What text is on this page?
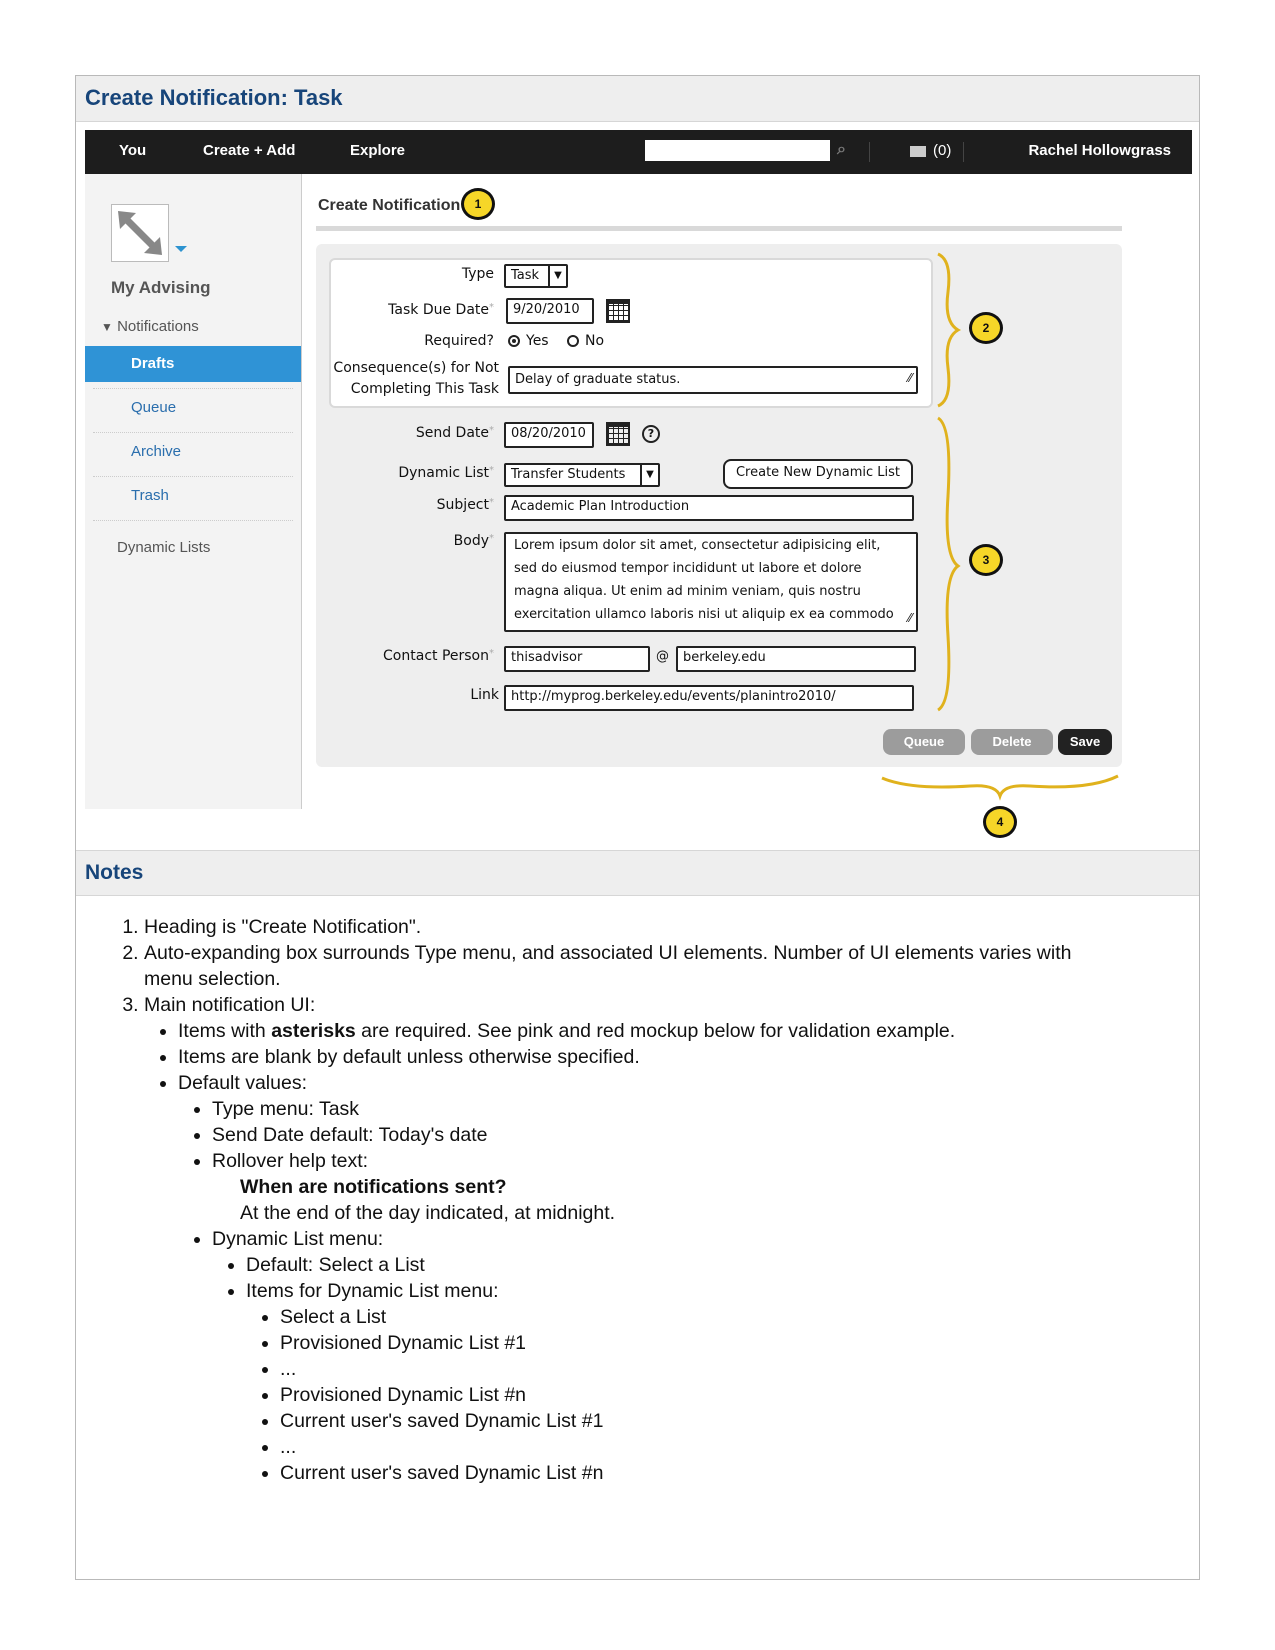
Create Notification: Task
You	Create + Add	Explore	⌕	(0)	Rachel Hollowgrass
My Advising
▼ Notifications
Drafts
Queue
Archive
Trash
Dynamic Lists
Create Notification
Type	Task	▼
Task Due Date*	9/20/2010
Required? Yes	No
Consequence(s) for Not
Completing This Task
Delay of graduate status.	⁄⁄
Send Date*	08/20/2010	?
Dynamic List*	Transfer Students	▼	Create New Dynamic List
Subject*	Academic Plan Introduction
Body*
⁄⁄
Lorem ipsum dolor sit amet, consectetur adipisicing elit,
sed do eiusmod tempor incididunt ut labore et dolore
magna aliqua. Ut enim ad minim veniam, quis nostru
exercitation ullamco laboris nisi ut aliquip ex ea commodo
Contact Person*	thisadvisor	@	berkeley.edu
Link http://myprog.berkeley.edu/events/planintro2010/
Queue	Delete	Save
1
2
3
4
Notes
1. Heading is "Create Notification".
2. Auto-expanding box surrounds Type menu, and associated UI elements. Number of UI elements varies with menu selection.
3. Main notification UI:
• Items with asterisks are required. See pink and red mockup below for validation example.
• Items are blank by default unless otherwise specified.
• Default values:
• Type menu: Task
• Send Date default: Today's date
• Rollover help text:
When are notifications sent?
At the end of the day indicated, at midnight.
• Dynamic List menu:
• Default: Select a List
• Items for Dynamic List menu:
• Select a List
• Provisioned Dynamic List #1
• ...
• Provisioned Dynamic List #n
• Current user's saved Dynamic List #1
• ...
• Current user's saved Dynamic List #n
